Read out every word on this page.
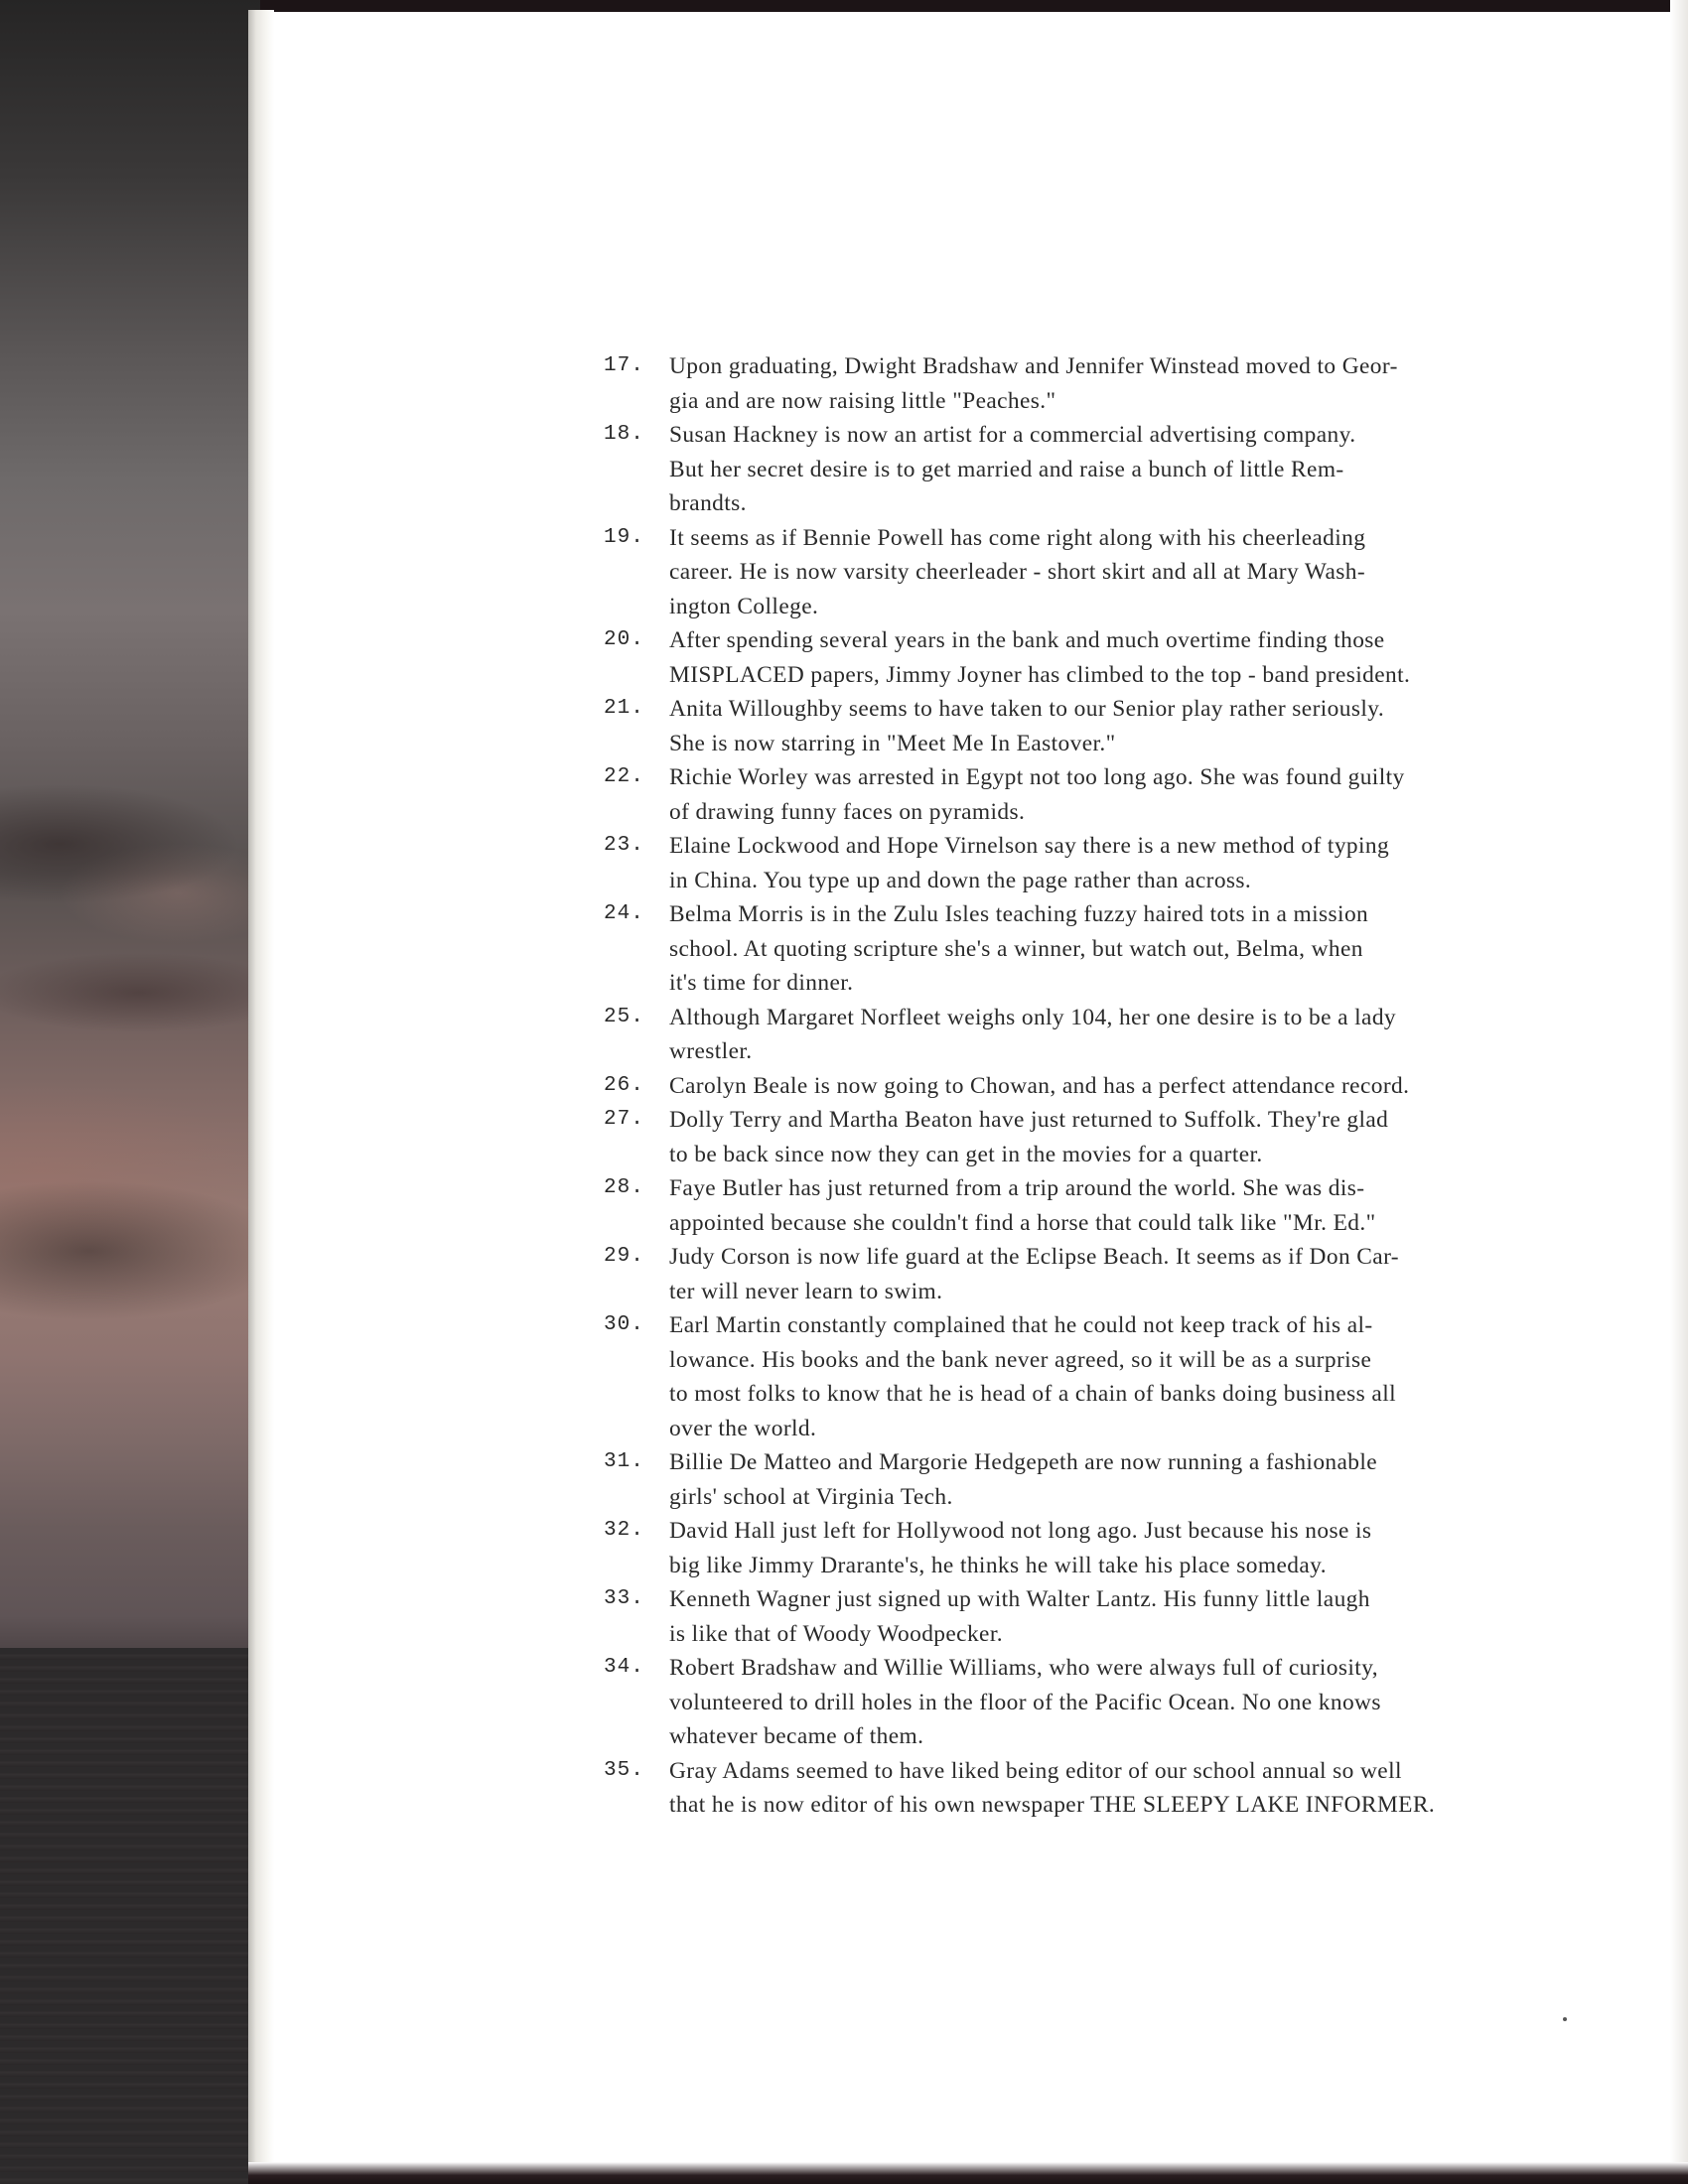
17.	Upon graduating, Dwight Bradshaw and Jennifer Winstead moved to Geor-
gia and are now raising little "Peaches."
18.	Susan Hackney is now an artist for a commercial advertising company.
But her secret desire is to get married and raise a bunch of little Rem-
brandts.
19.	It seems as if Bennie Powell has come right along with his cheerleading
career. He is now varsity cheerleader - short skirt and all at Mary Wash-
ington College.
20.	After spending several years in the bank and much overtime finding those
MISPLACED papers, Jimmy Joyner has climbed to the top - band president.
21.	Anita Willoughby seems to have taken to our Senior play rather seriously.
She is now starring in "Meet Me In Eastover."
22.	Richie Worley was arrested in Egypt not too long ago. She was found guilty
of drawing funny faces on pyramids.
23.	Elaine Lockwood and Hope Virnelson say there is a new method of typing
in China. You type up and down the page rather than across.
24.	Belma Morris is in the Zulu Isles teaching fuzzy haired tots in a mission
school. At quoting scripture she's a winner, but watch out, Belma, when
it's time for dinner.
25.	Although Margaret Norfleet weighs only 104, her one desire is to be a lady
wrestler.
26.	Carolyn Beale is now going to Chowan, and has a perfect attendance record.
27.	Dolly Terry and Martha Beaton have just returned to Suffolk. They're glad
to be back since now they can get in the movies for a quarter.
28.	Faye Butler has just returned from a trip around the world. She was dis-
appointed because she couldn't find a horse that could talk like "Mr. Ed."
29.	Judy Corson is now life guard at the Eclipse Beach. It seems as if Don Car-
ter will never learn to swim.
30.	Earl Martin constantly complained that he could not keep track of his al-
lowance. His books and the bank never agreed, so it will be as a surprise
to most folks to know that he is head of a chain of banks doing business all
over the world.
31.	Billie De Matteo and Margorie Hedgepeth are now running a fashionable
girls' school at Virginia Tech.
32.	David Hall just left for Hollywood not long ago. Just because his nose is
big like Jimmy Drarante's, he thinks he will take his place someday.
33.	Kenneth Wagner just signed up with Walter Lantz. His funny little laugh
is like that of Woody Woodpecker.
34.	Robert Bradshaw and Willie Williams, who were always full of curiosity,
volunteered to drill holes in the floor of the Pacific Ocean. No one knows
whatever became of them.
35.	Gray Adams seemed to have liked being editor of our school annual so well
that he is now editor of his own newspaper THE SLEEPY LAKE INFORMER.
